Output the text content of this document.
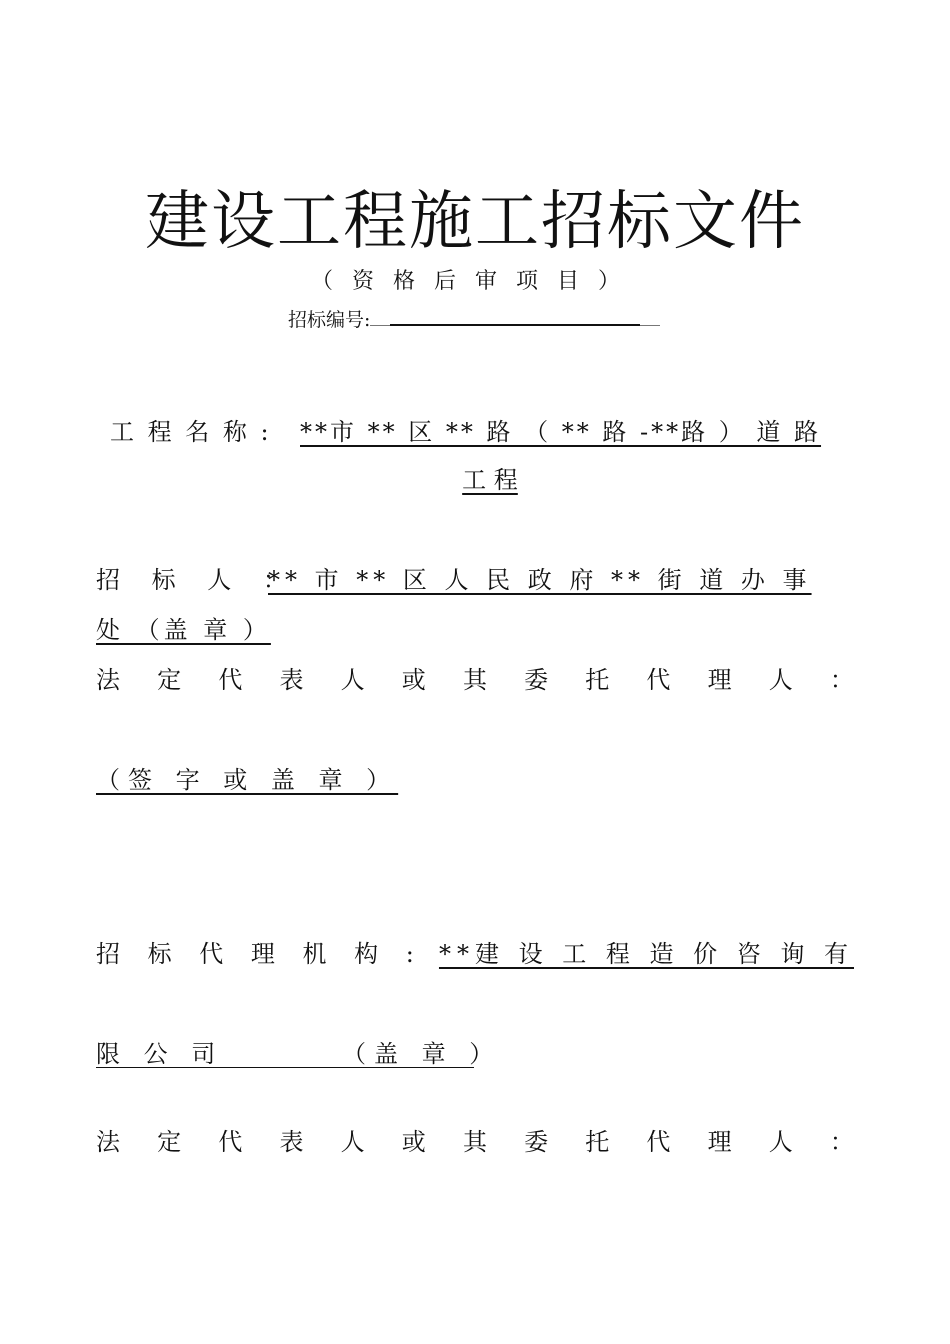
建设工程施工招标文件
（资格后审项目）
招标编号:
工 程 名 称 : **市 ** 区 ** 路 （ ** 路 -**路 ） 道 路
工 程
招 标 人 ：
** 市 ** 区 人 民 政 府 ** 街 道 办 事
处 （盖 章 ）
法 定 代 表 人 或 其 委 托 代 理 人 ：
（签 字 或 盖 章 ）
招 标 代 理 机 构 : **建 设 工 程 造 价 咨 询 有
限 公 司	（盖 章 ）
法 定 代 表 人 或 其 委 托 代 理 人 ：
